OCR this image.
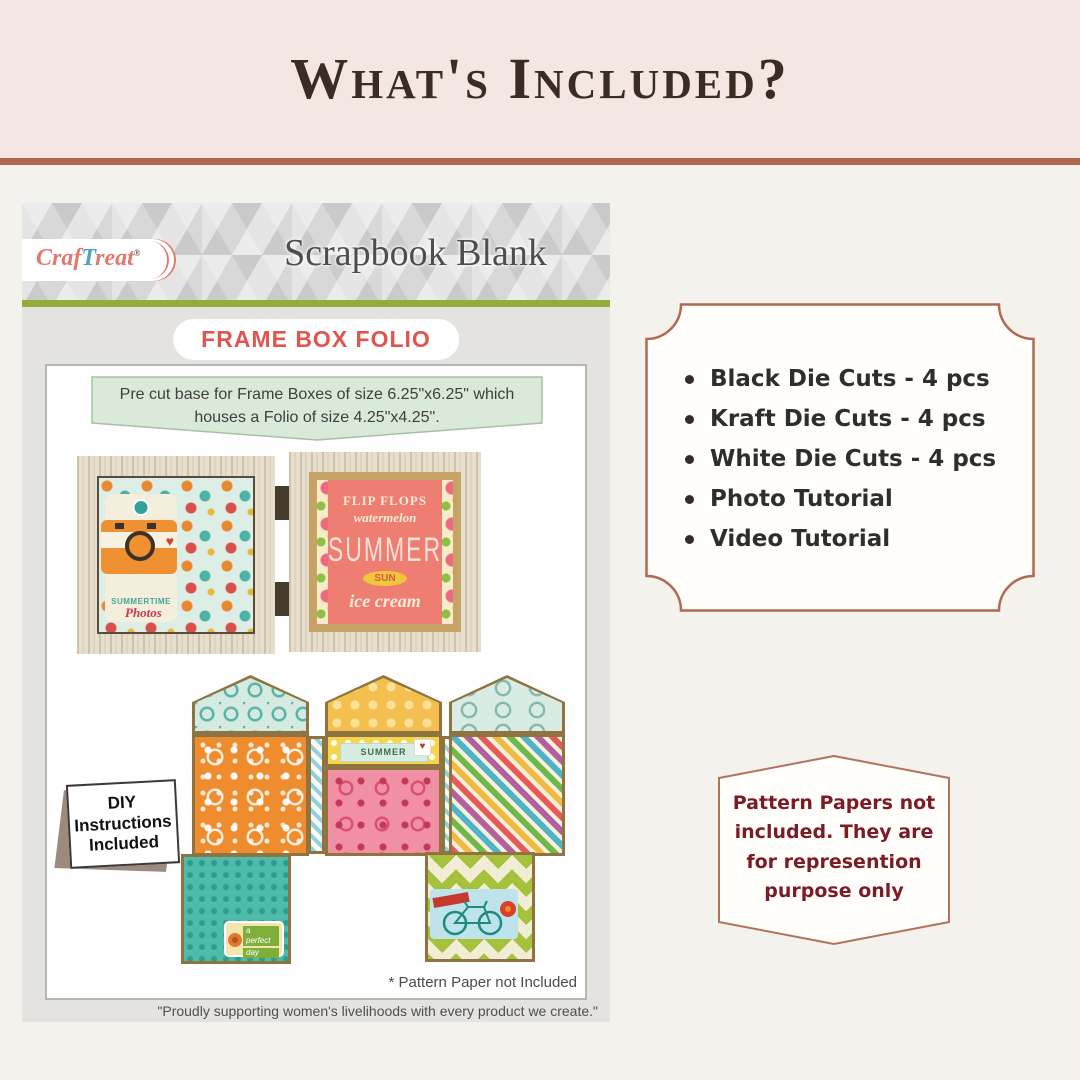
What's Included?
CrafTreat®	Scrapbook Blank
FRAME BOX FOLIO
Pre cut base for Frame Boxes of size 6.25"x6.25" which houses a Folio of size 4.25"x4.25".
♥
SUMMERTIME
Photos
FLIP FLOPS
watermelon
SUMMER
SUN
ice cream
a perfect
day
SUMMER	♥
DIY
Instructions
Included
* Pattern Paper not Included
"Proudly supporting women's livelihoods with every product we create."
Black Die Cuts - 4 pcs
Kraft Die Cuts - 4 pcs
White Die Cuts - 4 pcs
Photo Tutorial
Video Tutorial
Pattern Papers not included. They are for represention purpose only
